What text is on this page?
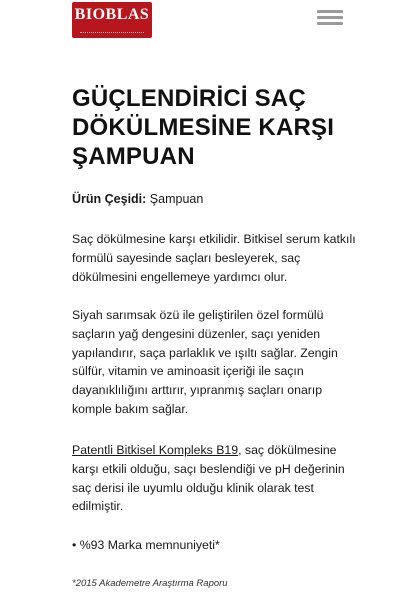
BIOBLAS
GÜÇLENDİRİCİ SAÇ DÖKÜLMESİNE KARŞI ŞAMPUAN
Ürün Çeşidi: Şampuan
Saç dökülmesine karşı etkilidir. Bitkisel serum katkılı formülü sayesinde saçları besleyerek, saç dökülmesini engellemeye yardımcı olur.
Siyah sarımsak özü ile geliştirilen özel formülü saçların yağ dengesini düzenler, saçı yeniden yapılandırır, saça parlaklık ve ışıltı sağlar. Zengin sülfür, vitamin ve aminoasit içeriği ile saçın dayanıklılığını arttırır, yıpranmış saçları onarıp komple bakım sağlar.
Patentli Bitkisel Kompleks B19, saç dökülmesine karşı etkili olduğu, saçı beslendiği ve pH değerinin saç derisi ile uyumlu olduğu klinik olarak test edilmiştir.
• %93 Marka memnuniyeti*
*2015 Akademetre Araştırma Raporu
